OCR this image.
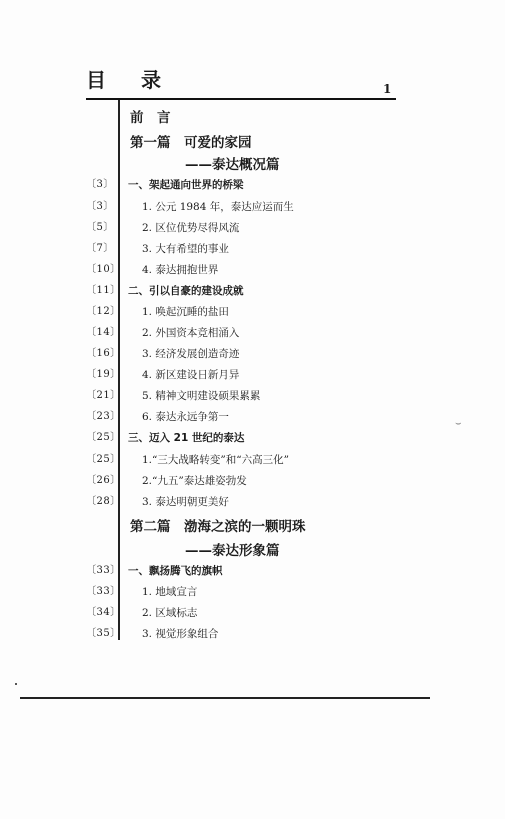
目 录	1
前　言
第一篇　可爱的家园
——泰达概况篇
〔3〕 一、架起通向世界的桥梁
〔3〕	1. 公元 1984 年，泰达应运而生
〔5〕	2. 区位优势尽得风流
〔7〕	3. 大有希望的事业
〔10〕 4. 泰达拥抱世界
〔11〕 二、引以自豪的建设成就
〔12〕 1. 唤起沉睡的盐田
〔14〕 2. 外国资本竞相涌入
〔16〕 3. 经济发展创造奇迹
〔19〕 4. 新区建设日新月异
〔21〕 5. 精神文明建设硕果累累
〔23〕 6. 泰达永远争第一
〔25〕 三、迈入 21 世纪的泰达
〔25〕 1.“三大战略转变”和“六高三化”
〔26〕 2.“九五”泰达雄姿勃发
〔28〕 3. 泰达明朝更美好
第二篇　渤海之滨的一颗明珠
——泰达形象篇
〔33〕 一、飘扬腾飞的旗帜
〔33〕 1. 地域宣言
〔34〕 2. 区域标志
〔35〕 3. 视觉形象组合
⌣
